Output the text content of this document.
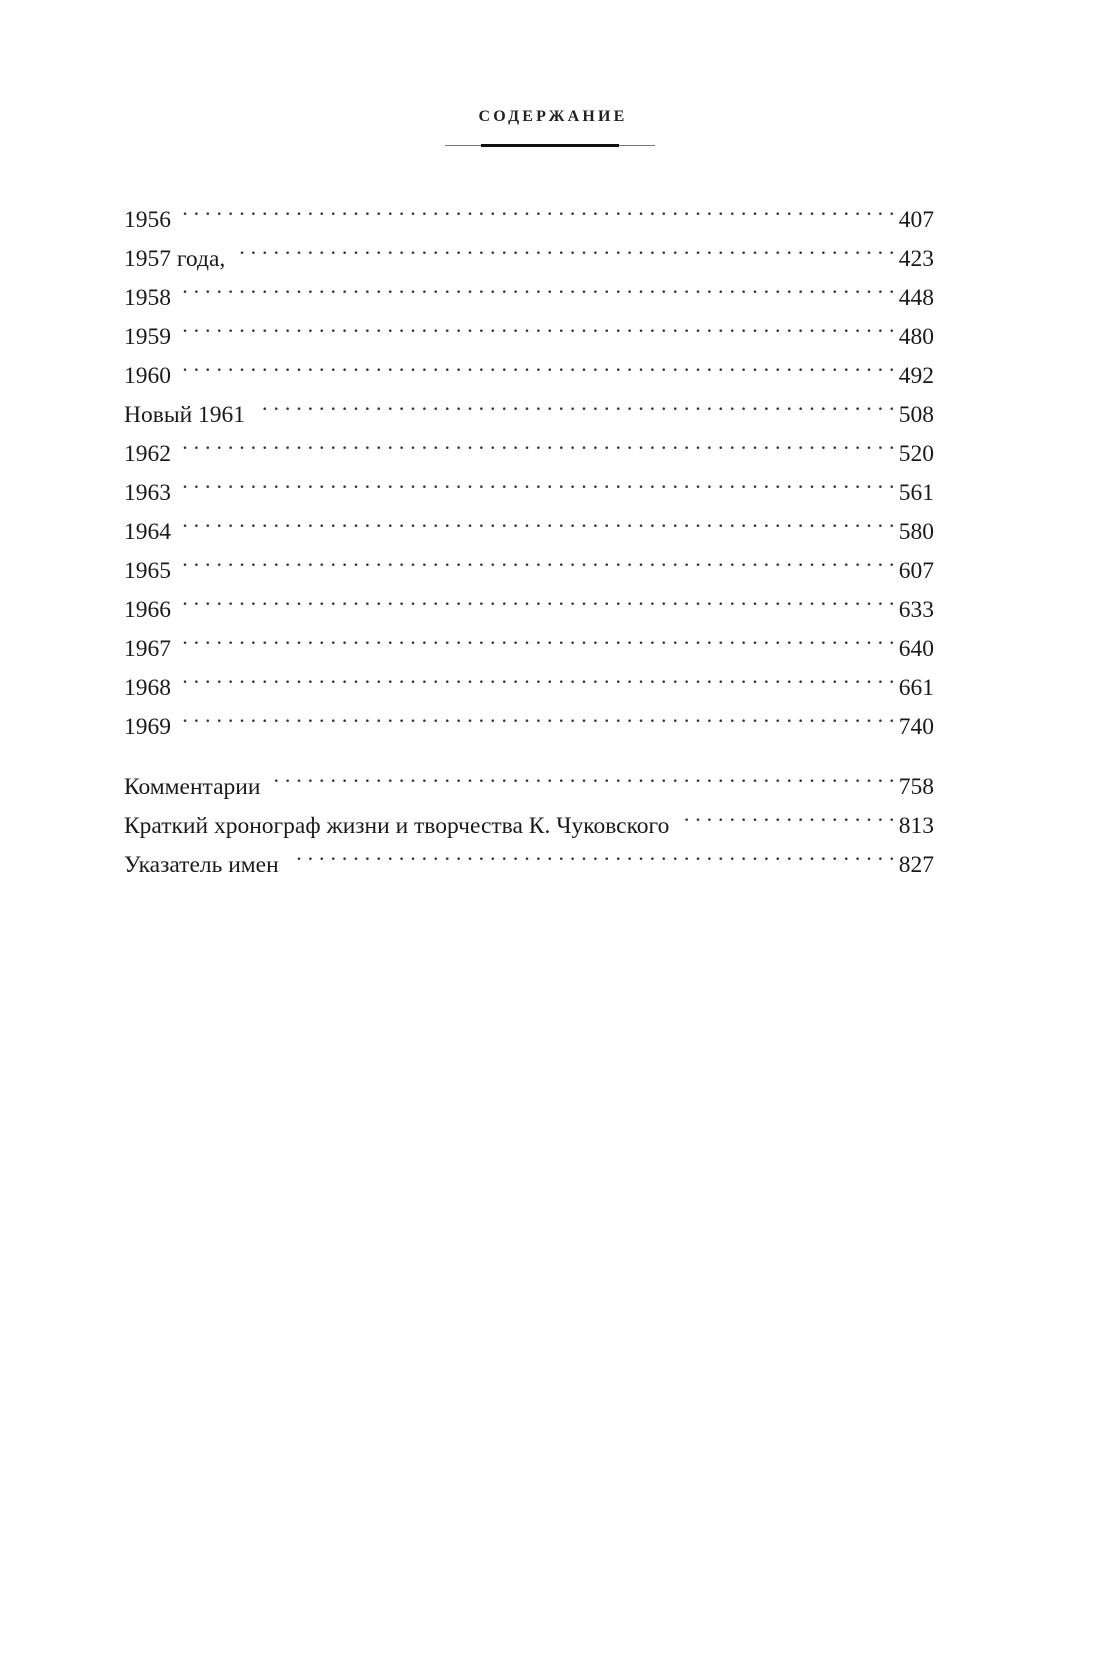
СОДЕРЖАНИЕ
1956 . . .	407
1957 года, . . .	423
1958 . . .	448
1959 . . .	480
1960 . . .	492
Новый 1961 . . .	508
1962 . . .	520
1963 . . .	561
1964 . . .	580
1965 . . .	607
1966 . . .	633
1967 . . .	640
1968 . . .	661
1969 . . .	740
Комментарии . . .	758
Краткий хронограф жизни и творчества К. Чуковского . . .	813
Указатель имен . . .	827
